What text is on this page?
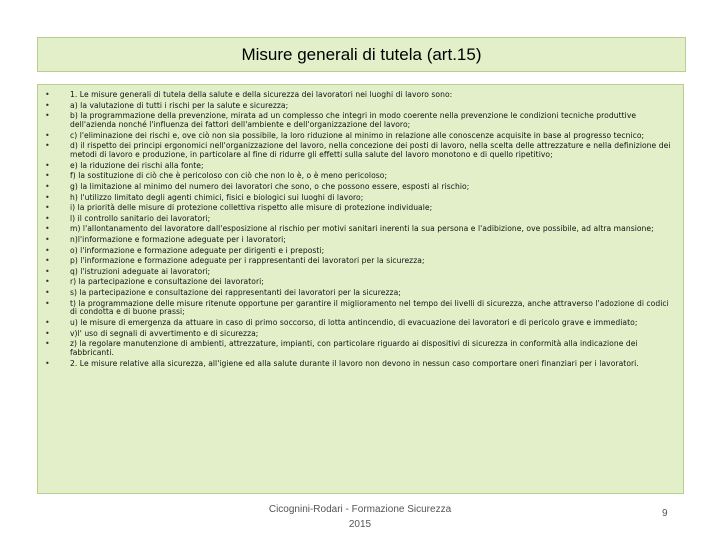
Misure generali di tutela (art.15)
•	1. Le misure generali di tutela della salute e della sicurezza dei lavoratori nei luoghi di lavoro sono:
•	a) la valutazione di tutti i rischi per la salute e sicurezza;
•	b) la programmazione della prevenzione, mirata ad un complesso che integri in modo coerente nella prevenzione le condizioni tecniche produttive dell'azienda nonché l'influenza dei fattori dell'ambiente e dell'organizzazione del lavoro;
•	c) l'eliminazione dei rischi e, ove ciò non sia possibile, la loro riduzione al minimo in relazione alle conoscenze acquisite in base al progresso tecnico;
•	d) il rispetto dei principi ergonomici nell'organizzazione del lavoro, nella concezione dei posti di lavoro, nella scelta delle attrezzature e nella definizione dei metodi di lavoro e produzione, in particolare al fine di ridurre gli effetti sulla salute del lavoro monotono e di quello ripetitivo;
•	e) la riduzione dei rischi alla fonte;
•	f) la sostituzione di ciò che è pericoloso con ciò che non lo è, o è meno pericoloso;
•	g) la limitazione al minimo del numero dei lavoratori che sono, o che possono essere, esposti al rischio;
•	h) l'utilizzo limitato degli agenti chimici, fisici e biologici sui luoghi di lavoro;
•	i) la priorità delle misure di protezione collettiva rispetto alle misure di protezione individuale;
•	l) il controllo sanitario dei lavoratori;
•	m) l'allontanamento del lavoratore dall'esposizione al rischio per motivi sanitari inerenti la sua persona e l'adibizione, ove possibile, ad altra mansione;
•	n)l'informazione e formazione adeguate per i lavoratori;
•	o) l'informazione e formazione adeguate per dirigenti e i preposti;
•	p) l'informazione e formazione adeguate per i rappresentanti dei lavoratori per la sicurezza;
•	q) l'istruzioni adeguate ai lavoratori;
•	r) la partecipazione e consultazione dei lavoratori;
•	s) la partecipazione e consultazione dei rappresentanti dei lavoratori per la sicurezza;
•	t) la programmazione delle misure ritenute opportune per garantire il miglioramento nel tempo dei livelli di sicurezza, anche attraverso l'adozione di codici di condotta e di buone prassi;
•	u) le misure di emergenza da attuare in caso di primo soccorso, di lotta antincendio, di evacuazione dei lavoratori e di pericolo grave e immediato;
•	v)l' uso di segnali di avvertimento e di sicurezza;
•	z) la regolare manutenzione di ambienti, attrezzature, impianti, con particolare riguardo ai dispositivi di sicurezza in conformità alla indicazione dei fabbricanti.
•	2. Le misure relative alla sicurezza, all'igiene ed alla salute durante il lavoro non devono in nessun caso comportare oneri finanziari per i lavoratori.
Cicognini-Rodari - Formazione Sicurezza
2015
9
